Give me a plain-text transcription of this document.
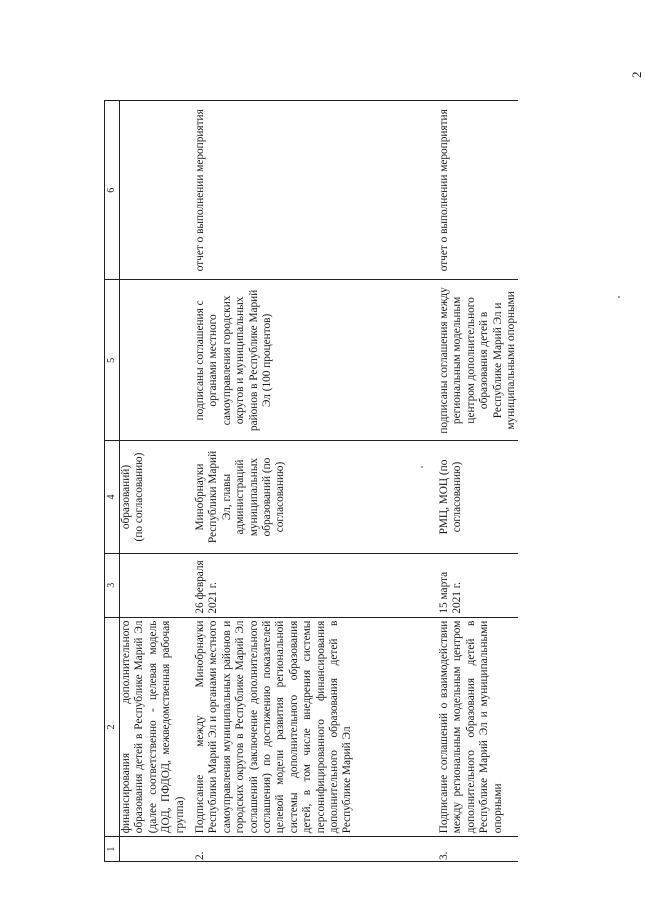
2
1	2	3	4	5	6
	финансирования дополнительного образования детей в Республике Марий Эл (далее соответственно - целевая модель ДОД, ПФДОД, межведомственная рабочая группа)		образований)
(по согласованию)		
2.	Подписание между Минобрнауки Республики Марий Эл и органами местного самоуправления муниципальных районов и городских округов в Республике Марий Эл соглашений (заключение дополнительного соглашения) по достижению показателей целевой модели развития региональной системы дополнительного образования детей, в том числе внедрения системы персонифицированного финансирования дополнительного образования детей в Республике Марий Эл	26 февраля 2021 г.	Минобрнауки Республики Марий Эл, главы администраций муниципальных образований (по согласованию)	подписаны соглашения с органами местного самоуправления городских округов и муниципальных районов в Республике Марий Эл (100 процентов)	отчет о выполнении мероприятия
3.	Подписание соглашений о взаимодействии между региональным модельным центром дополнительного образования детей в Республике Марий Эл и муниципальными опорными	15 марта 2021 г.	РМЦ, МОЦ (по согласованию)	подписаны соглашения между региональным модельным центром дополнительного образования детей в Республике Марий Эл и муниципальными опорными	отчет о выполнении мероприятия
